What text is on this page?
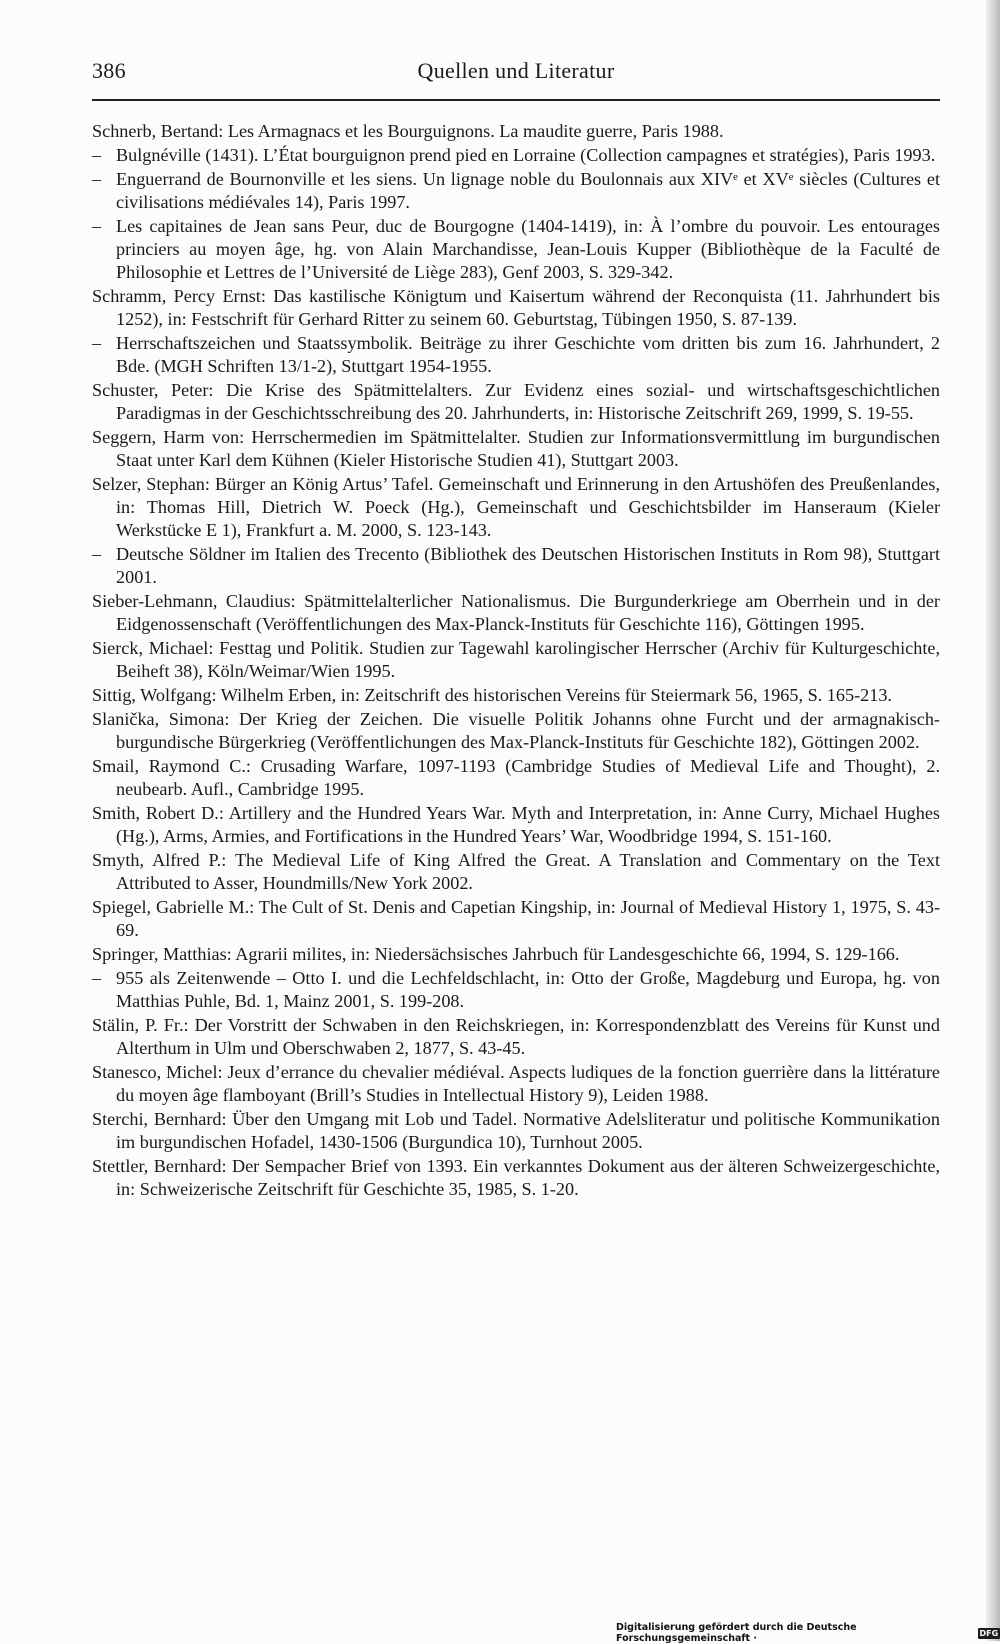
Quellen und Literatur
386

Schnerb, Bertand: Les Armagnacs et les Bourguignons. La maudite guerre, Paris 1988.

– Bulgnéville (1431). L’État bourguignon prend pied en Lorraine (Collection campagnes et stratégies), Paris 1993.

– Enguerrand de Bournonville et les siens. Un lignage noble du Boulonnais aux XIVᵉ et XVᵉ siècles (Cultures et civilisations médiévales 14), Paris 1997.

– Les capitaines de Jean sans Peur, duc de Bourgogne (1404-1419), in: À l’ombre du pouvoir. Les entourages princiers au moyen âge, hg. von Alain Marchandisse, Jean-Louis Kupper (Bibliothèque de la Faculté de Philosophie et Lettres de l’Université de Liège 283), Genf 2003, S. 329-342.

Schramm, Percy Ernst: Das kastilische Königtum und Kaisertum während der Reconquista (11. Jahrhundert bis 1252), in: Festschrift für Gerhard Ritter zu seinem 60. Geburtstag, Tübingen 1950, S. 87-139.

– Herrschaftszeichen und Staatssymbolik. Beiträge zu ihrer Geschichte vom dritten bis zum 16. Jahrhundert, 2 Bde. (MGH Schriften 13/1-2), Stuttgart 1954-1955.

Schuster, Peter: Die Krise des Spätmittelalters. Zur Evidenz eines sozial- und wirtschaftsgeschichtlichen Paradigmas in der Geschichtsschreibung des 20. Jahrhunderts, in: Historische Zeitschrift 269, 1999, S. 19-55.

Seggern, Harm von: Herrschermedien im Spätmittelalter. Studien zur Informationsvermittlung im burgundischen Staat unter Karl dem Kühnen (Kieler Historische Studien 41), Stuttgart 2003.

Selzer, Stephan: Bürger an König Artus’ Tafel. Gemeinschaft und Erinnerung in den Artushöfen des Preußenlandes, in: Thomas Hill, Dietrich W. Poeck (Hg.), Gemeinschaft und Geschichtsbilder im Hanseraum (Kieler Werkstücke E 1), Frankfurt a. M. 2000, S. 123-143.

– Deutsche Söldner im Italien des Trecento (Bibliothek des Deutschen Historischen Instituts in Rom 98), Stuttgart 2001.

Sieber-Lehmann, Claudius: Spätmittelalterlicher Nationalismus. Die Burgunderkriege am Oberrhein und in der Eidgenossenschaft (Veröffentlichungen des Max-Planck-Instituts für Geschichte 116), Göttingen 1995.

Sierck, Michael: Festtag und Politik. Studien zur Tagewahl karolingischer Herrscher (Archiv für Kulturgeschichte, Beiheft 38), Köln/Weimar/Wien 1995.

Sittig, Wolfgang: Wilhelm Erben, in: Zeitschrift des historischen Vereins für Steiermark 56, 1965, S. 165-213.

Slanička, Simona: Der Krieg der Zeichen. Die visuelle Politik Johanns ohne Furcht und der armagnakisch-burgundische Bürgerkrieg (Veröffentlichungen des Max-Planck-Instituts für Geschichte 182), Göttingen 2002.

Smail, Raymond C.: Crusading Warfare, 1097-1193 (Cambridge Studies of Medieval Life and Thought), 2. neubearb. Aufl., Cambridge 1995.

Smith, Robert D.: Artillery and the Hundred Years War. Myth and Interpretation, in: Anne Curry, Michael Hughes (Hg.), Arms, Armies, and Fortifications in the Hundred Years’ War, Woodbridge 1994, S. 151-160.

Smyth, Alfred P.: The Medieval Life of King Alfred the Great. A Translation and Commentary on the Text Attributed to Asser, Houndmills/New York 2002.

Spiegel, Gabrielle M.: The Cult of St. Denis and Capetian Kingship, in: Journal of Medieval History 1, 1975, S. 43-69.

Springer, Matthias: Agrarii milites, in: Niedersächsisches Jahrbuch für Landesgeschichte 66, 1994, S. 129-166.

– 955 als Zeitenwende – Otto I. und die Lechfeldschlacht, in: Otto der Große, Magdeburg und Europa, hg. von Matthias Puhle, Bd. 1, Mainz 2001, S. 199-208.

Stälin, P. Fr.: Der Vorstritt der Schwaben in den Reichskriegen, in: Korrespondenzblatt des Vereins für Kunst und Alterthum in Ulm und Oberschwaben 2, 1877, S. 43-45.

Stanesco, Michel: Jeux d’errance du chevalier médiéval. Aspects ludiques de la fonction guerrière dans la littérature du moyen âge flamboyant (Brill’s Studies in Intellectual History 9), Leiden 1988.

Sterchi, Bernhard: Über den Umgang mit Lob und Tadel. Normative Adelsliteratur und politische Kommunikation im burgundischen Hofadel, 1430-1506 (Burgundica 10), Turnhout 2005.

Stettler, Bernhard: Der Sempacher Brief von 1393. Ein verkanntes Dokument aus der älteren Schweizergeschichte, in: Schweizerische Zeitschrift für Geschichte 35, 1985, S. 1-20.

Digitalisierung gefördert durch die Deutsche Forschungsgemeinschaft ·	DFG
